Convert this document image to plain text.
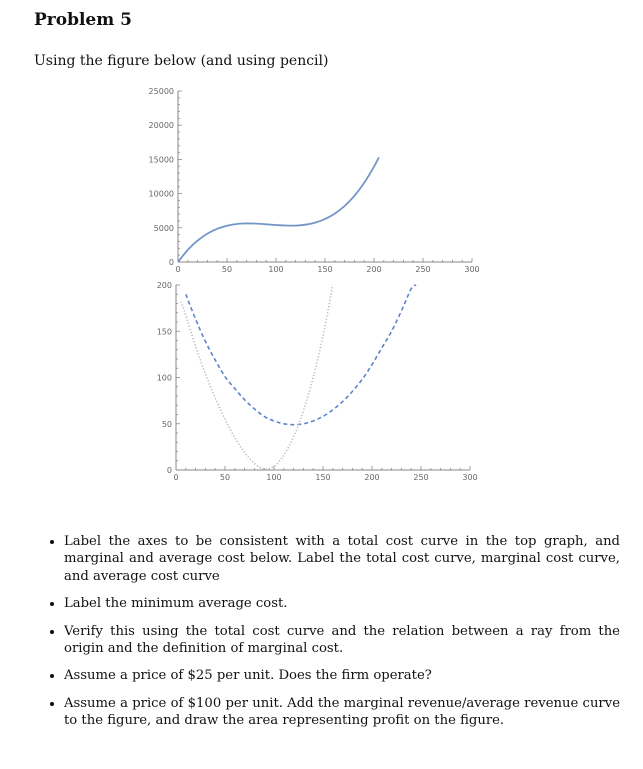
Problem 5
Using the figure below (and using pencil)
0	50	100	150	200	250	300
0
5000
10000
15000
20000
25000
0	50	100	150	200	250	300
0
50
100
150
200
• Label the axes to be consistent with a total cost curve in the top graph, and marginal and average cost below. Label the total cost curve, marginal cost curve, and average cost curve
• Label the minimum average cost.
• Verify this using the total cost curve and the relation between a ray from the origin and the definition of marginal cost.
• Assume a price of $25 per unit. Does the firm operate?
• Assume a price of $100 per unit. Add the marginal revenue/average revenue curve to the figure, and draw the area representing profit on the figure.
